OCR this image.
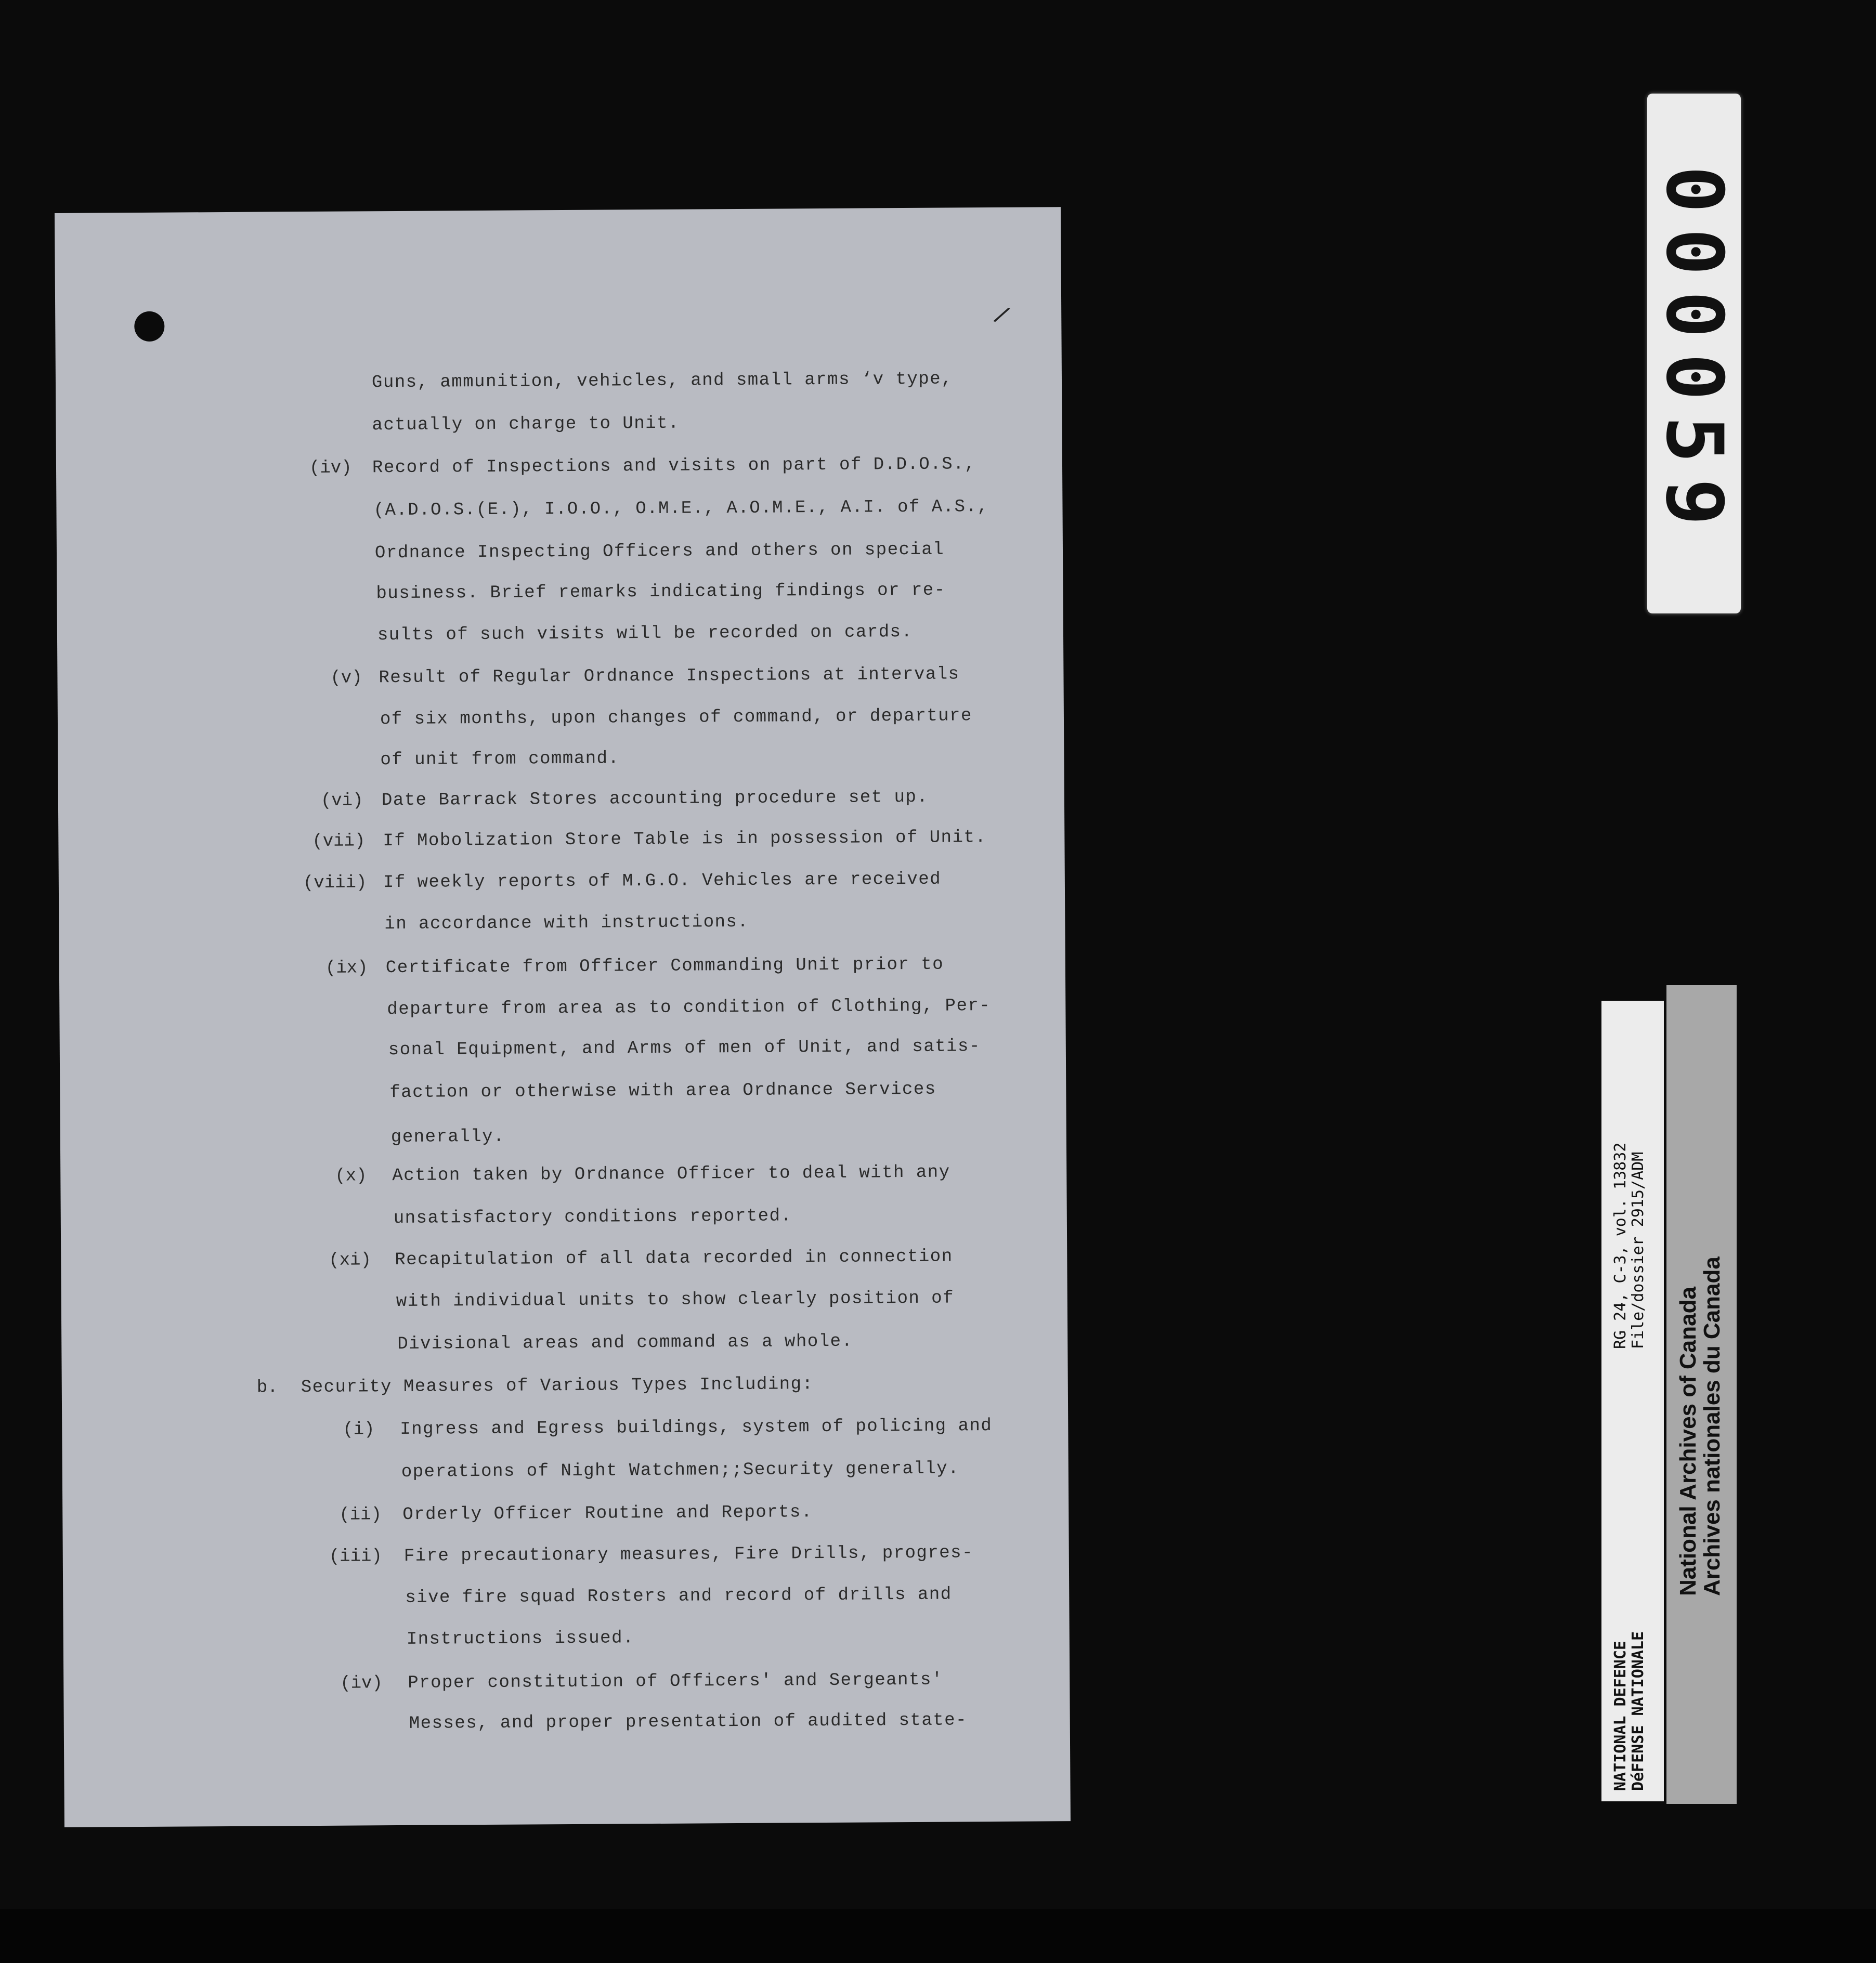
/
Guns, ammunition, vehicles, and small arms ‘v type,
actually on charge to Unit.
(iv) Record of Inspections and visits on part of D.D.O.S.,
(A.D.O.S.(E.), I.O.O., O.M.E., A.O.M.E., A.I. of A.S.,
Ordnance Inspecting Officers and others on special
business. Brief remarks indicating findings or re-
sults of such visits will be recorded on cards.
(v) Result of Regular Ordnance Inspections at intervals
of six months, upon changes of command, or departure
of unit from command.
(vi) Date Barrack Stores accounting procedure set up.
(vii) If Mobolization Store Table is in possession of Unit.
(viii) If weekly reports of M.G.O. Vehicles are received
in accordance with instructions.
(ix) Certificate from Officer Commanding Unit prior to
departure from area as to condition of Clothing, Per-
sonal Equipment, and Arms of men of Unit, and satis-
faction or otherwise with area Ordnance Services
generally.
(x) Action taken by Ordnance Officer to deal with any
unsatisfactory conditions reported.
(xi) Recapitulation of all data recorded in connection
with individual units to show clearly position of
Divisional areas and command as a whole.
b. Security Measures of Various Types Including:
(i) Ingress and Egress buildings, system of policing and
operations of Night Watchmen;;Security generally.
(ii) Orderly Officer Routine and Reports.
(iii) Fire precautionary measures, Fire Drills, progres-
sive fire squad Rosters and record of drills and
Instructions issued.
(iv) Proper constitution of Officers' and Sergeants'
Messes, and proper presentation of audited state-
000059
NATIONAL DEFENCE DéFENSE NATIONALE
RG 24, C-3, vol. 13832 File/dossier 2915/ADM
National Archives of Canada
Archives nationales du Canada
